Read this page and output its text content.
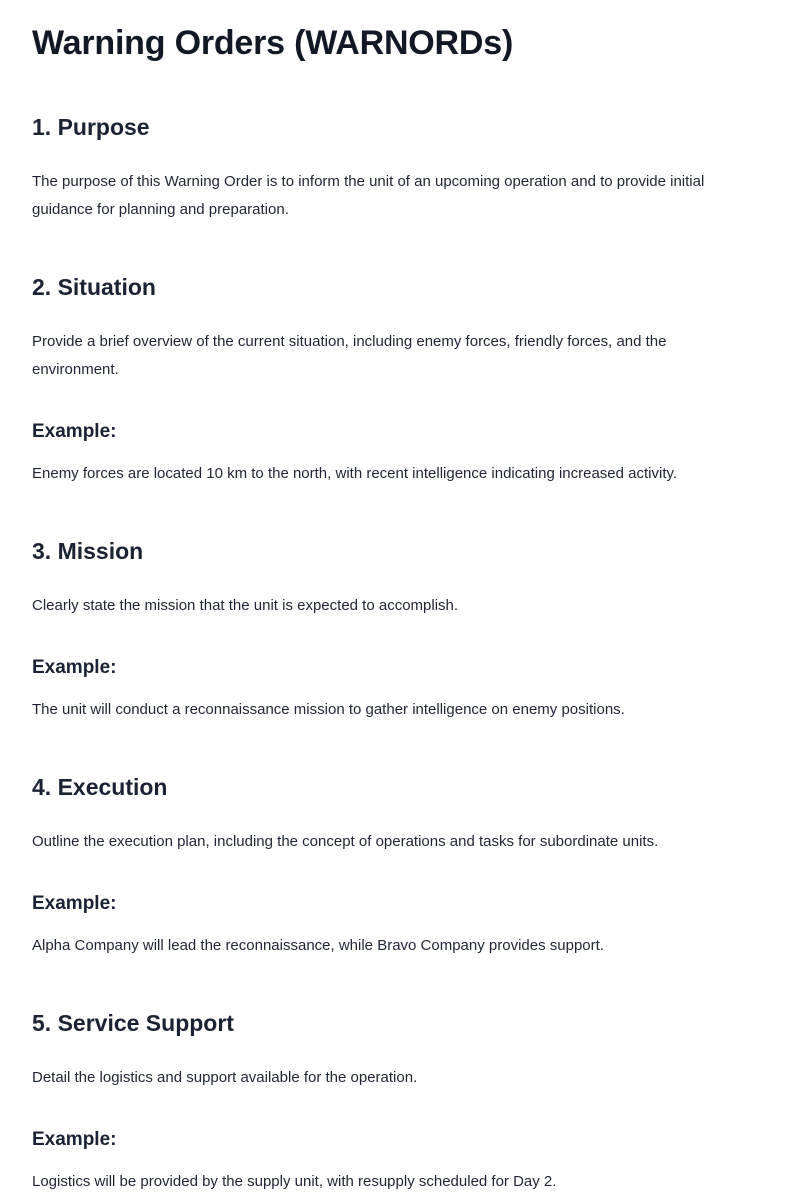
Warning Orders (WARNORDs)
1. Purpose

The purpose of this Warning Order is to inform the unit of an upcoming operation and to provide initial guidance for planning and preparation.

2. Situation

Provide a brief overview of the current situation, including enemy forces, friendly forces, and the environment.

Example:

Enemy forces are located 10 km to the north, with recent intelligence indicating increased activity.

3. Mission

Clearly state the mission that the unit is expected to accomplish.

Example:

The unit will conduct a reconnaissance mission to gather intelligence on enemy positions.

4. Execution

Outline the execution plan, including the concept of operations and tasks for subordinate units.

Example:

Alpha Company will lead the reconnaissance, while Bravo Company provides support.

5. Service Support

Detail the logistics and support available for the operation.

Example:

Logistics will be provided by the supply unit, with resupply scheduled for Day 2.
